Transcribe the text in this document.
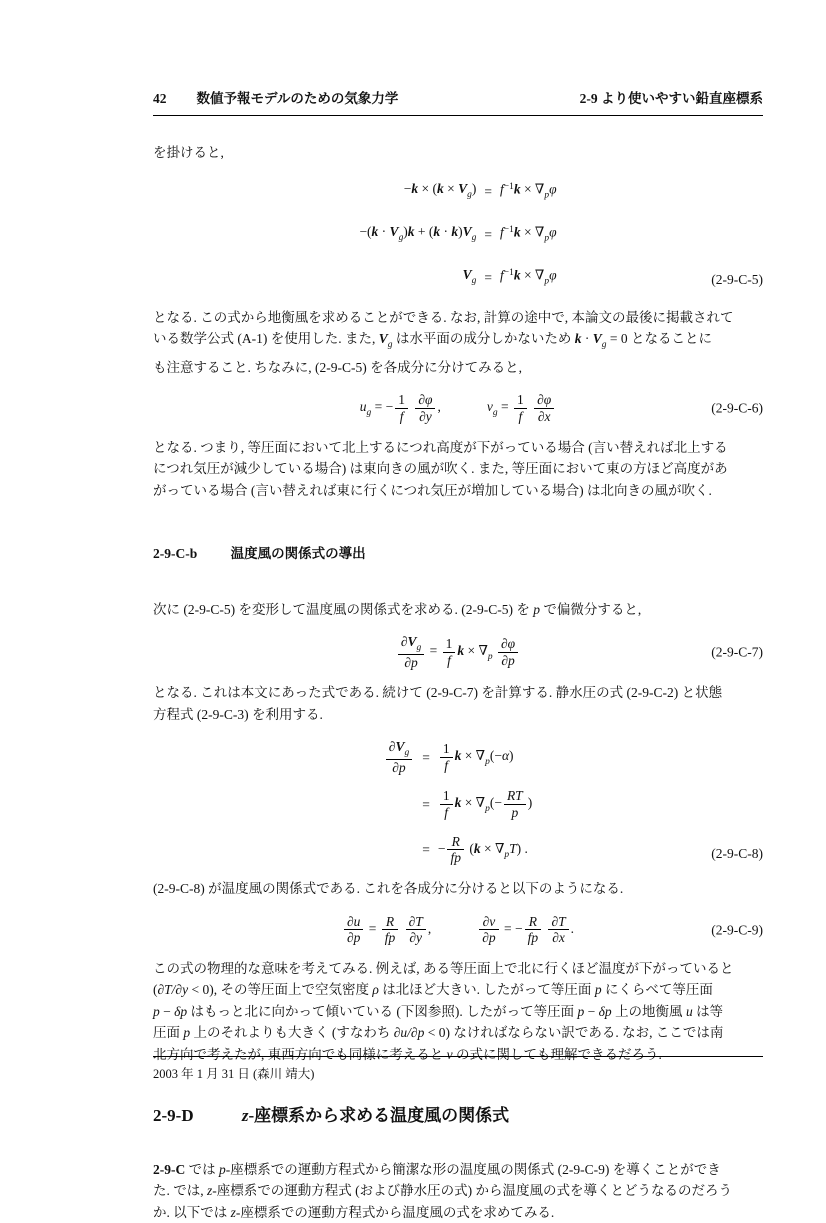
42 数値予報モデルのための気象力学	2-9 より使いやすい鉛直座標系
を掛けると,
$-k \times (k \times V_g) = f^{-1}k \times \nabla_p\varphi$
$-(k \cdot V_g)k + (k \cdot k)V_g = f^{-1}k \times \nabla_p\varphi$
$V_g = f^{-1}k \times \nabla_p\varphi$	(2-9-C-5)
となる. この式から地衡風を求めることができる. なお, 計算の途中で, 本論文の最後に掲載されて
いる数学公式 (A-1) を使用した. また, $V_g$ は水平面の成分しかないため $k \cdot V_g = 0$ となることに
も注意すること. ちなみに, (2-9-C-5) を各成分に分けてみると,
$u_g$ = − $\frac{1}{f}$
$\frac{\partial\varphi}{\partial y}$ ,	$v_g = \frac{1}{f}$
$\frac{\partial\varphi}{\partial x}$	(2-9-C-6)
となる. つまり, 等圧面において北上するにつれ高度が下がっている場合 (言い替えれば北上する
につれ気圧が減少している場合) は東向きの風が吹く. また, 等圧面において東の方ほど高度があ
がっている場合 (言い替えれば東に行くにつれ気圧が増加している場合) は北向きの風が吹く.
2-9-C-b 温度風の関係式の導出
次に (2-9-C-5) を変形して温度風の関係式を求める. (2-9-C-5) を p で偏微分すると,
$\frac{\partial V_g}{\partial p} = \frac{1}{f}$ $k \times \nabla_p \frac{\partial\varphi}{\partial p}$	(2-9-C-7)
となる. これは本文にあった式である. 続けて (2-9-C-7) を計算する. 静水圧の式 (2-9-C-2) と状態
方程式 (2-9-C-3) を利用する.
$\frac{\partial V_g}{\partial p} = \frac{1}{f}$ $k \times \nabla_p(-\alpha)$
= $\frac{1}{f}$ $k \times \nabla_p(- \frac{RT}{p}$ )
= − $\frac{R}{fp} (k \times \nabla_pT)$ .	(2-9-C-8)
(2-9-C-8) が温度風の関係式である. これを各成分に分けると以下のようになる.
$\frac{\partial u}{\partial p} = \frac{R}{fp}$
$\frac{\partial T}{\partial y}$ ,	$\frac{\partial v}{\partial p}$ = − $\frac{R}{fp}$
$\frac{\partial T}{\partial x}$ .	(2-9-C-9)
この式の物理的な意味を考えてみる. 例えば, ある等圧面上で北に行くほど温度が下がっていると
(∂T/∂y < 0), その等圧面上で空気密度 ρ は北ほど大きい. したがって等圧面 p にくらべて等圧面
p − δp はもっと北に向かって傾いている (下図参照). したがって等圧面 p − δp 上の地衡風 u は等
圧面 p 上のそれよりも大きく (すなわち ∂u/∂p < 0) なければならない訳である. なお, ここでは南
北方向で考えたが, 東西方向でも同様に考えると v の式に関しても理解できるだろう.
2-9-D	z-座標系から求める温度風の関係式
2-9-C では p-座標系での運動方程式から簡潔な形の温度風の関係式 (2-9-C-9) を導くことができ
た. では, z-座標系での運動方程式 (および静水圧の式) から温度風の式を導くとどうなるのだろう
か. 以下では z-座標系での運動方程式から温度風の式を求めてみる.
2003 年 1 月 31 日 (森川 靖大)
